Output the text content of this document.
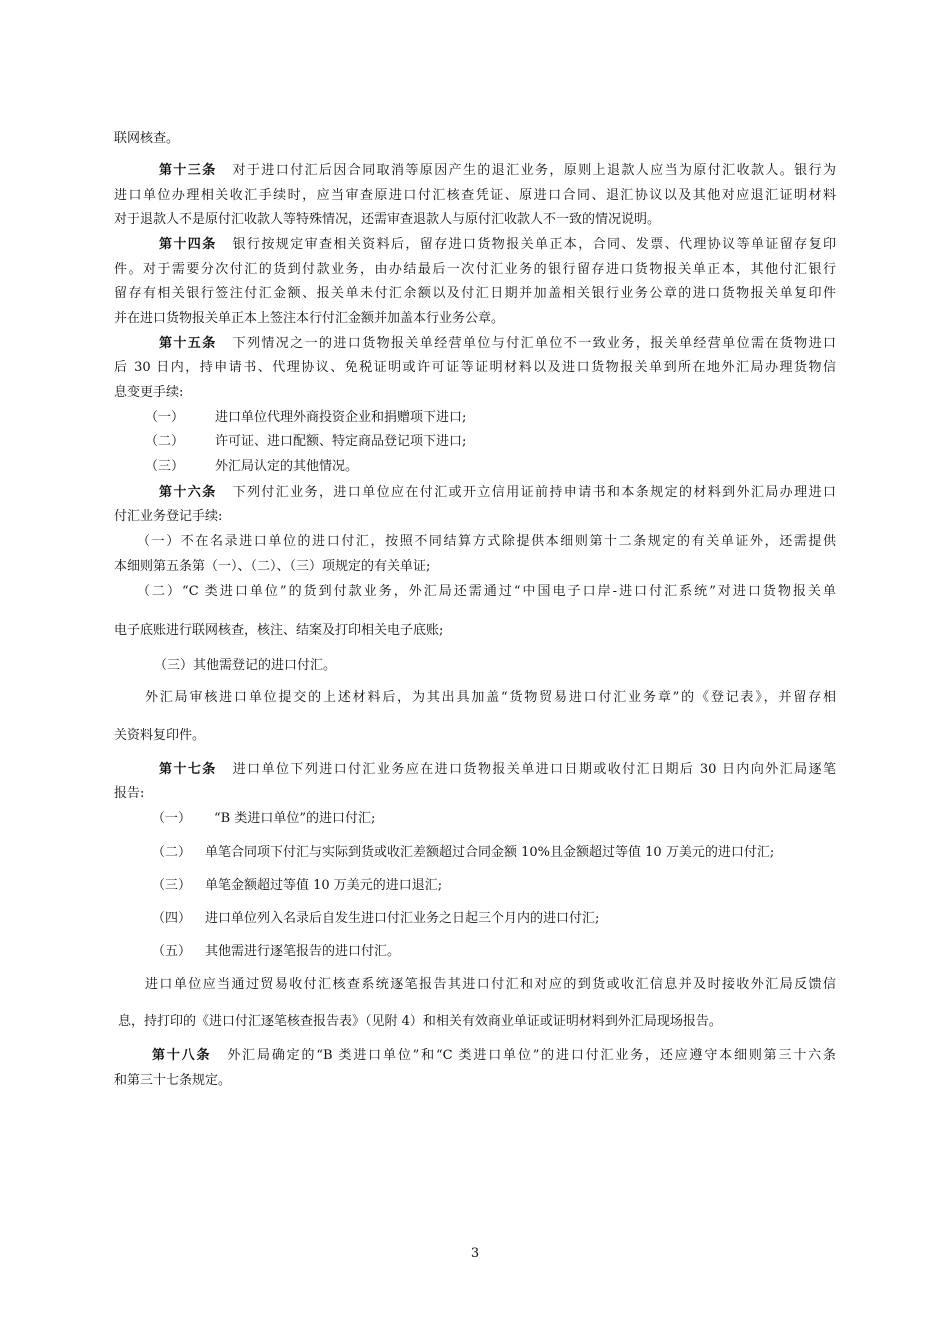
联网核查。
第十三条 对于进口付汇后因合同取消等原因产生的退汇业务，原则上退款人应当为原付汇收款人。银行为
进口单位办理相关收汇手续时，应当审查原进口付汇核查凭证、原进口合同、退汇协议以及其他对应退汇证明材料
对于退款人不是原付汇收款人等特殊情况，还需审查退款人与原付汇收款人不一致的情况说明。
第十四条 银行按规定审查相关资料后，留存进口货物报关单正本，合同、发票、代理协议等单证留存复印
件。对于需要分次付汇的货到付款业务，由办结最后一次付汇业务的银行留存进口货物报关单正本，其他付汇银行
留存有相关银行签注付汇金额、报关单未付汇余额以及付汇日期并加盖相关银行业务公章的进口货物报关单复印件
并在进口货物报关单正本上签注本行付汇金额并加盖本行业务公章。
第十五条 下列情况之一的进口货物报关单经营单位与付汇单位不一致业务，报关单经营单位需在货物进口
后 30 日内，持申请书、代理协议、免税证明或许可证等证明材料以及进口货物报关单到所在地外汇局办理货物信
息变更手续:
（一） 进口单位代理外商投资企业和捐赠项下进口;
（二） 许可证、进口配额、特定商品登记项下进口;
（三） 外汇局认定的其他情况。
第十六条 下列付汇业务，进口单位应在付汇或开立信用证前持申请书和本条规定的材料到外汇局办理进口
付汇业务登记手续:
（一）不在名录进口单位的进口付汇，按照不同结算方式除提供本细则第十二条规定的有关单证外，还需提供
本细则第五条第（一）、（二）、（三）项规定的有关单证;
（二）“C 类进口单位”的货到付款业务，外汇局还需通过“中国电子口岸-进口付汇系统”对进口货物报关单
电子底账进行联网核查，核注、结案及打印相关电子底账;
（三）其他需登记的进口付汇。
外汇局审核进口单位提交的上述材料后，为其出具加盖“货物贸易进口付汇业务章”的《登记表》，并留存相
关资料复印件。
第十七条 进口单位下列进口付汇业务应在进口货物报关单进口日期或收付汇日期后 30 日内向外汇局逐笔
报告:
（一） “B 类进口单位”的进口付汇;
（二） 单笔合同项下付汇与实际到货或收汇差额超过合同金额 10%且金额超过等值 10 万美元的进口付汇;
（三） 单笔金额超过等值 10 万美元的进口退汇;
（四） 进口单位列入名录后自发生进口付汇业务之日起三个月内的进口付汇;
（五） 其他需进行逐笔报告的进口付汇。
进口单位应当通过贸易收付汇核查系统逐笔报告其进口付汇和对应的到货或收汇信息并及时接收外汇局反馈信
息，持打印的《进口付汇逐笔核查报告表》（见附 4）和相关有效商业单证或证明材料到外汇局现场报告。
第十八条 外汇局确定的“B 类进口单位”和“C 类进口单位”的进口付汇业务，还应遵守本细则第三十六条
和第三十七条规定。
3
